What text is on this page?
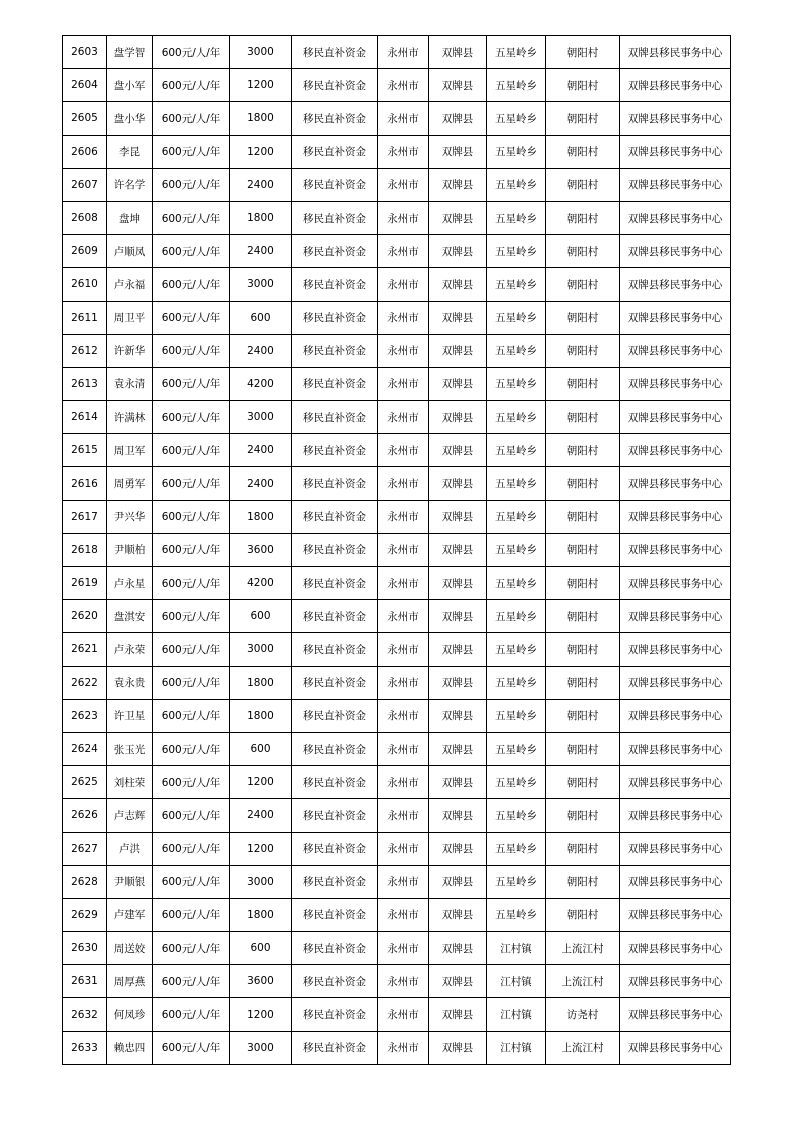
2603	盘学智	600元/人/年	3000	移民直补资金	永州市	双牌县	五星岭乡	朝阳村	双牌县移民事务中心
2604	盘小军	600元/人/年	1200	移民直补资金	永州市	双牌县	五星岭乡	朝阳村	双牌县移民事务中心
2605	盘小华	600元/人/年	1800	移民直补资金	永州市	双牌县	五星岭乡	朝阳村	双牌县移民事务中心
2606	李昆	600元/人/年	1200	移民直补资金	永州市	双牌县	五星岭乡	朝阳村	双牌县移民事务中心
2607	许名学	600元/人/年	2400	移民直补资金	永州市	双牌县	五星岭乡	朝阳村	双牌县移民事务中心
2608	盘坤	600元/人/年	1800	移民直补资金	永州市	双牌县	五星岭乡	朝阳村	双牌县移民事务中心
2609	卢顺凤	600元/人/年	2400	移民直补资金	永州市	双牌县	五星岭乡	朝阳村	双牌县移民事务中心
2610	卢永福	600元/人/年	3000	移民直补资金	永州市	双牌县	五星岭乡	朝阳村	双牌县移民事务中心
2611	周卫平	600元/人/年	600	移民直补资金	永州市	双牌县	五星岭乡	朝阳村	双牌县移民事务中心
2612	许新华	600元/人/年	2400	移民直补资金	永州市	双牌县	五星岭乡	朝阳村	双牌县移民事务中心
2613	袁永清	600元/人/年	4200	移民直补资金	永州市	双牌县	五星岭乡	朝阳村	双牌县移民事务中心
2614	许满林	600元/人/年	3000	移民直补资金	永州市	双牌县	五星岭乡	朝阳村	双牌县移民事务中心
2615	周卫军	600元/人/年	2400	移民直补资金	永州市	双牌县	五星岭乡	朝阳村	双牌县移民事务中心
2616	周勇军	600元/人/年	2400	移民直补资金	永州市	双牌县	五星岭乡	朝阳村	双牌县移民事务中心
2617	尹兴华	600元/人/年	1800	移民直补资金	永州市	双牌县	五星岭乡	朝阳村	双牌县移民事务中心
2618	尹顺柏	600元/人/年	3600	移民直补资金	永州市	双牌县	五星岭乡	朝阳村	双牌县移民事务中心
2619	卢永星	600元/人/年	4200	移民直补资金	永州市	双牌县	五星岭乡	朝阳村	双牌县移民事务中心
2620	盘淇安	600元/人/年	600	移民直补资金	永州市	双牌县	五星岭乡	朝阳村	双牌县移民事务中心
2621	卢永荣	600元/人/年	3000	移民直补资金	永州市	双牌县	五星岭乡	朝阳村	双牌县移民事务中心
2622	袁永贵	600元/人/年	1800	移民直补资金	永州市	双牌县	五星岭乡	朝阳村	双牌县移民事务中心
2623	许卫星	600元/人/年	1800	移民直补资金	永州市	双牌县	五星岭乡	朝阳村	双牌县移民事务中心
2624	张玉光	600元/人/年	600	移民直补资金	永州市	双牌县	五星岭乡	朝阳村	双牌县移民事务中心
2625	刘柱荣	600元/人/年	1200	移民直补资金	永州市	双牌县	五星岭乡	朝阳村	双牌县移民事务中心
2626	卢志辉	600元/人/年	2400	移民直补资金	永州市	双牌县	五星岭乡	朝阳村	双牌县移民事务中心
2627	卢洪	600元/人/年	1200	移民直补资金	永州市	双牌县	五星岭乡	朝阳村	双牌县移民事务中心
2628	尹顺银	600元/人/年	3000	移民直补资金	永州市	双牌县	五星岭乡	朝阳村	双牌县移民事务中心
2629	卢建军	600元/人/年	1800	移民直补资金	永州市	双牌县	五星岭乡	朝阳村	双牌县移民事务中心
2630	周送姣	600元/人/年	600	移民直补资金	永州市	双牌县	江村镇	上流江村	双牌县移民事务中心
2631	周厚燕	600元/人/年	3600	移民直补资金	永州市	双牌县	江村镇	上流江村	双牌县移民事务中心
2632	何凤珍	600元/人/年	1200	移民直补资金	永州市	双牌县	江村镇	访尧村	双牌县移民事务中心
2633	赖忠四	600元/人/年	3000	移民直补资金	永州市	双牌县	江村镇	上流江村	双牌县移民事务中心
